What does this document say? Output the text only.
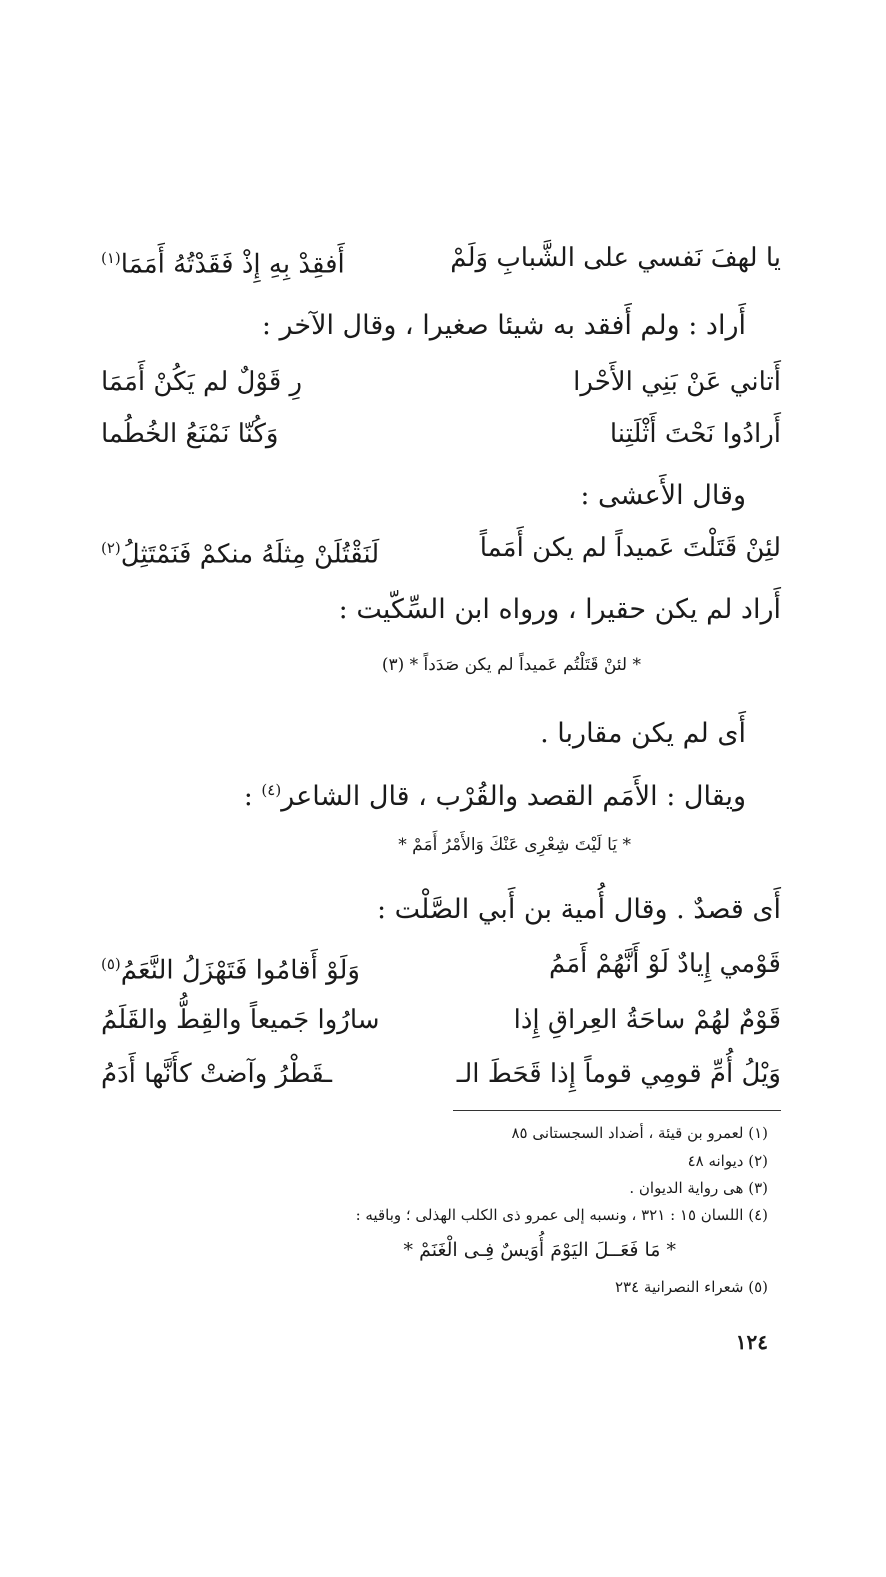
يا لهفَ نَفسي على الشَّبابِ وَلَمْ
أَفقِدْ بِهِ إِذْ فَقَدْتُهُ أَمَمَا$^{(١)}$
أَراد : ولم أَفقد به شيئا صغيرا ، وقال الآخر :
أَتاني عَنْ بَنِي الأَحْرا
رِ قَوْلٌ لم يَكُنْ أَمَمَا
أَرادُوا نَحْتَ أَثْلَتِنا
وَكُنّا نَمْنَعُ الخُطُما
وقال الأَعشى :
لئِنْ قَتَلْتَ عَميداً لم يكن أَمَماً
لَنَقْتُلَنْ مِثلَهُ منكمْ فَنَمْتَثِلُ$^{(٢)}$
أَراد لم يكن حقيرا ، ورواه ابن السِّكّيت :
* لئنْ قَتَلْتُم عَميداً لم يكن صَدَداً * (٣)
أَى لم يكن مقاربا .
ويقال : الأَمَم القصد والقُرْب ، قال الشاعر$^{(٤)}$ :
* يَا لَيْتَ شِعْرِى عَنْكَ وَالأَمْرُ أَمَمْ *
أَى قصدٌ . وقال أُمية بن أَبي الصَّلْت :
قَوْمي إِيادٌ لَوْ أَنَّهُمْ أَمَمُ
وَلَوْ أَقامُوا فَتَهْزَلُ النَّعَمُ$^{(٥)}$
قَوْمٌ لهُمْ ساحَةُ العِراقِ إِذا
سارُوا جَميعاً والقِطُّ والقَلَمُ
وَيْلُ أُمِّ قومِي قوماً إِذا قَحَطَ الـ
ـقَطْرُ وآضتْ كأَنَّها أَدَمُ
(١) لعمرو بن قيئة ، أضداد السجستانى ٨٥
(٢) ديوانه ٤٨
(٣) هى رواية الديوان .
(٤) اللسان ١٥ : ٣٢١ ، ونسبه إلى عمرو ذى الكلب الهذلى ؛ وباقيه :
* مَا فَعَــلَ اليَوْمَ أُوَيسٌ فِـى الْغَنَمْ *
(٥) شعراء النصرانية ٢٣٤
١٢٤
